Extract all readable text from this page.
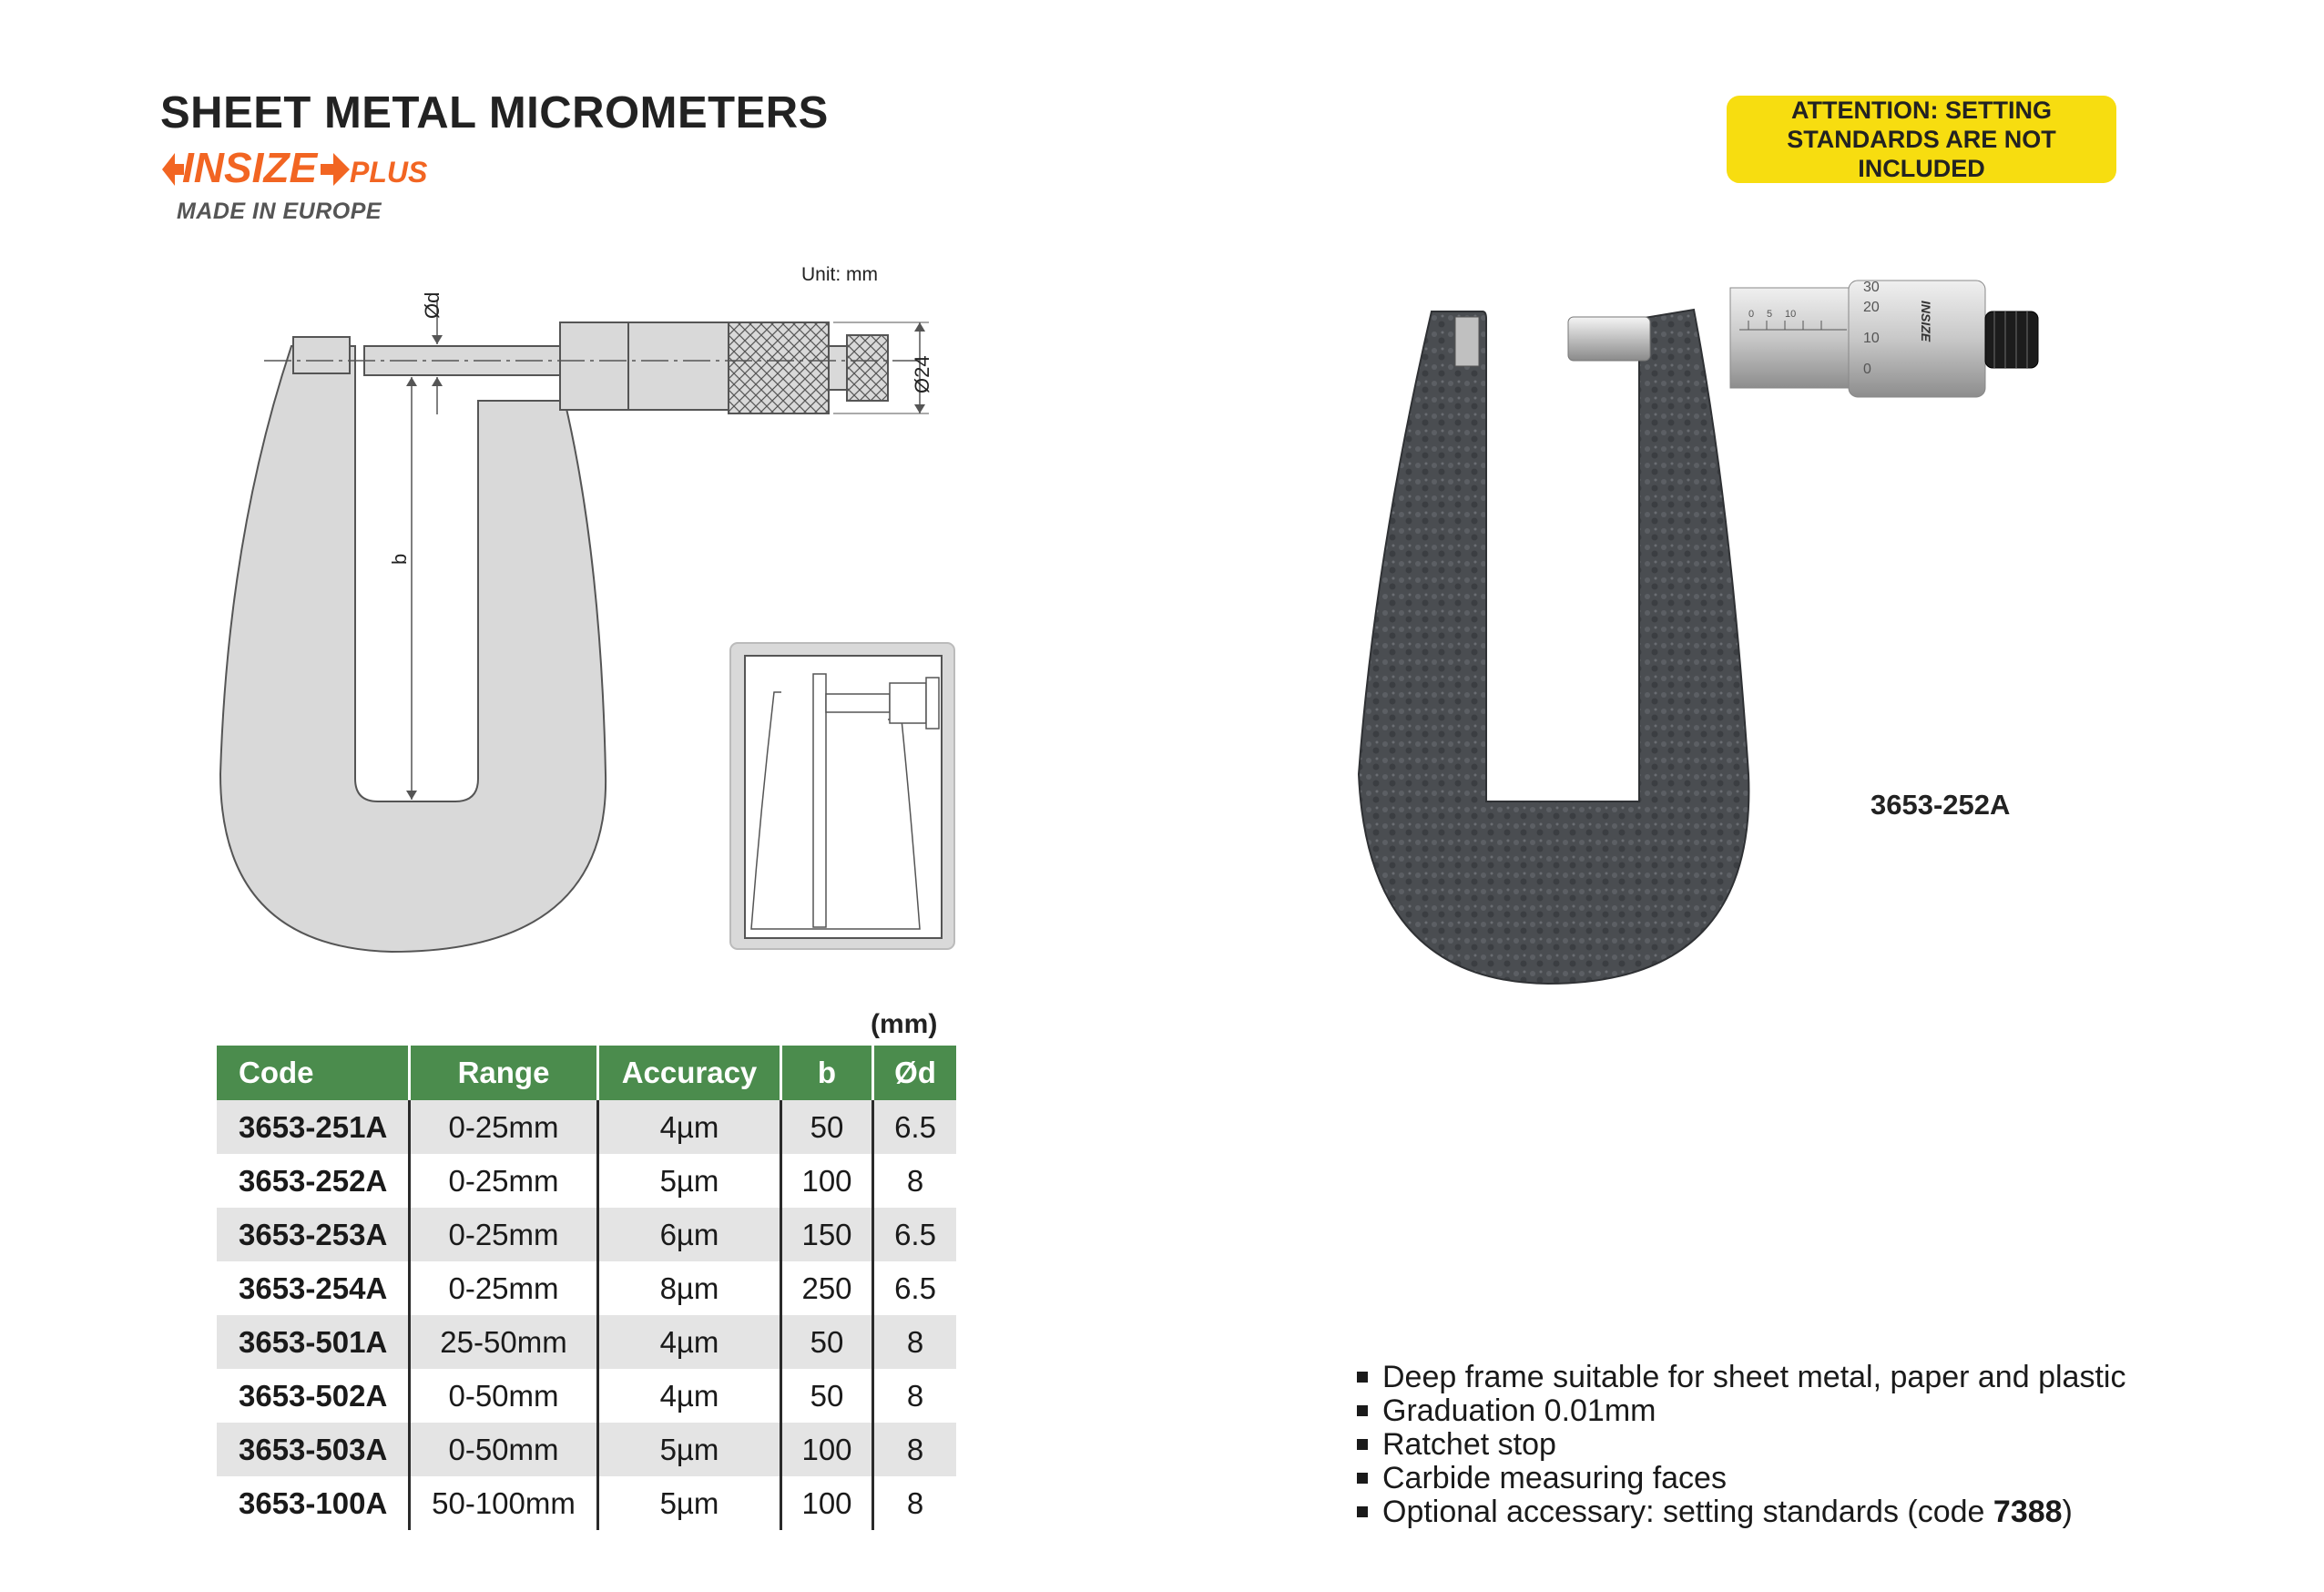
SHEET METAL MICROMETERS
INSIZE PLUS
MADE IN EUROPE
ATTENTION: SETTING
STANDARDS ARE NOT INCLUDED
Ød
b
Ø24
Unit: mm
0 5 10
30
20
10
0
INSIZE
3653-252A
(mm)
Code	Range	Accuracy	b	Ød
3653-251A	0-25mm	4µm	50	6.5
3653-252A	0-25mm	5µm	100	8
3653-253A	0-25mm	6µm	150	6.5
3653-254A	0-25mm	8µm	250	6.5
3653-501A	25-50mm	4µm	50	8
3653-502A	0-50mm	4µm	50	8
3653-503A	0-50mm	5µm	100	8
3653-100A	50-100mm	5µm	100	8
Deep frame suitable for sheet metal, paper and plastic
Graduation 0.01mm
Ratchet stop
Carbide measuring faces
Optional accessary: setting standards (code 7388)
